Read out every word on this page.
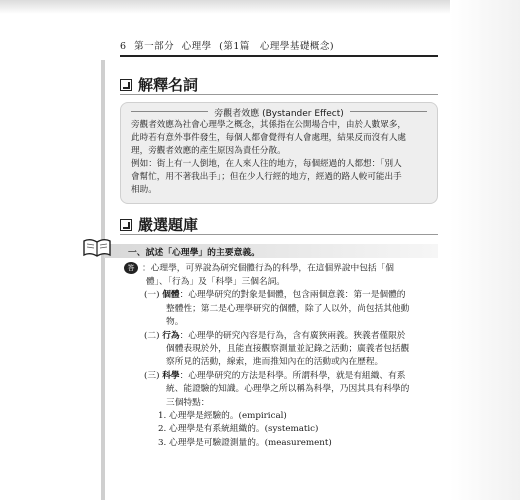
6 第一部分 心理學 (第1篇　心理學基礎概念)
解釋名詞
旁觀者效應 (Bystander Effect)
旁觀者效應為社會心理學之概念，其係指在公開場合中，由於人數眾多，
此時若有意外事件發生，每個人都會覺得有人會處理，結果反而沒有人處
理，旁觀者效應的產生原因為責任分散。
例如：街上有一人倒地，在人來人往的地方，每個經過的人都想：「別人
會幫忙，用不著我出手」；但在少人行經的地方，經過的路人較可能出手
相助。
嚴選題庫
一、試述「心理學」的主要意義。
答 ：心理學，可界說為研究個體行為的科學，在這個界說中包括「個
體」、「行為」及「科學」三個名詞。
(一) 個體：心理學研究的對象是個體，包含兩個意義：第一是個體的
整體性；第二是心理學研究的個體，除了人以外，尚包括其他動
物。
(二) 行為：心理學的研究內容是行為，含有廣狹兩義。狹義者僅限於
個體表現於外，且能直接觀察測量並記錄之活動；廣義者包括觀
察所見的活動，線索，進而推知內在的活動或內在歷程。
(三) 科學：心理學研究的方法是科學。所謂科學，就是有組織、有系
統、能證驗的知識。心理學之所以稱為科學，乃因其具有科學的
三個特點：
1. 心理學是經驗的。(empirical)
2. 心理學是有系統組織的。(systematic)
3. 心理學是可驗證測量的。(measurement)
